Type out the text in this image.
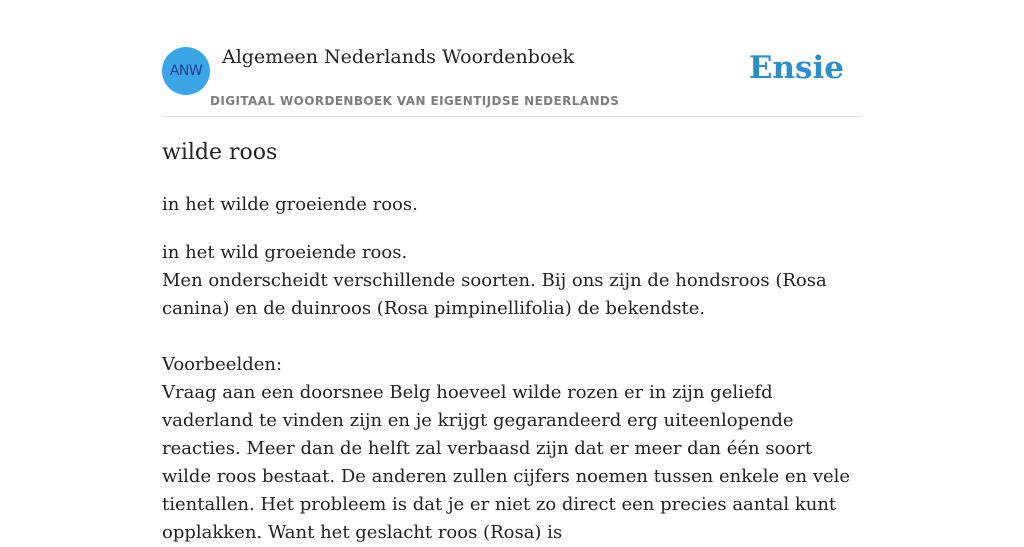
ANW
Algemeen Nederlands Woordenboek
DIGITAAL WOORDENBOEK VAN EIGENTIJDSE NEDERLANDS
Ensie
wilde roos
in het wilde groeiende roos.

in het wild groeiende roos.

Men onderscheidt verschillende soorten. Bij ons zijn de hondsroos (Rosa canina) en de duinroos (Rosa pimpinellifolia) de bekendste.

Voorbeelden:

Vraag aan een doorsnee Belg hoeveel wilde rozen er in zijn geliefd vaderland te vinden zijn en je krijgt gegarandeerd erg uiteenlopende reacties. Meer dan de helft zal verbaasd zijn dat er meer dan één soort wilde roos bestaat. De anderen zullen cijfers noemen tussen enkele en vele tientallen. Het probleem is dat je er niet zo direct een precies aantal kunt opplakken. Want het geslacht roos (Rosa) is
